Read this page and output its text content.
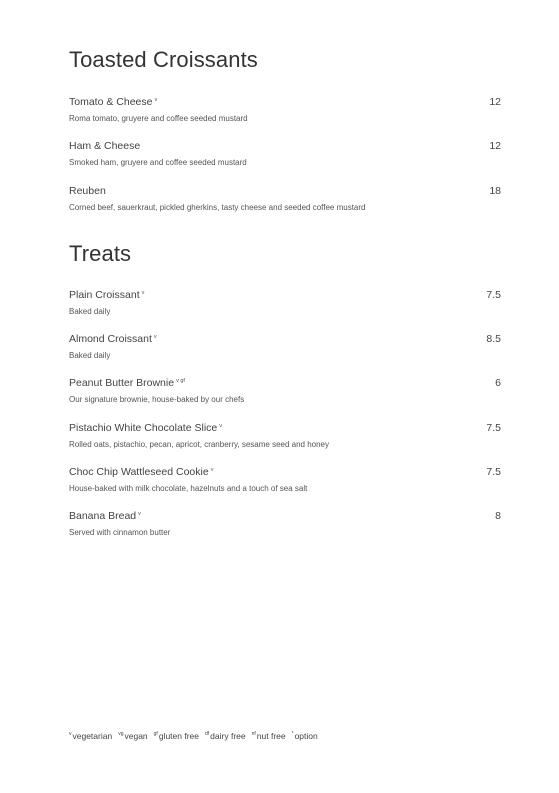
Toasted Croissants
Tomato & Cheese $^v$	12
Roma tomato, gruyere and coffee seeded mustard
Ham & Cheese	12
Smoked ham, gruyere and coffee seeded mustard
Reuben	18
Corned beef, sauerkraut, pickled gherkins, tasty cheese and seeded coffee mustard
Treats
Plain Croissant $^v$	7.5
Baked daily
Almond Croissant $^v$	8.5
Baked daily
Peanut Butter Brownie $^{v gf}$	6
Our signature brownie, house-baked by our chefs
Pistachio White Chocolate Slice $^v$	7.5
Rolled oats, pistachio, pecan, apricot, cranberry, sesame seed and honey
Choc Chip Wattleseed Cookie $^v$	7.5
House-baked with milk chocolate, hazelnuts and a touch of sea salt
Banana Bread $^v$	8
Served with cinnamon butter
$^v$vegetarian $^{vg}$vegan $^{gf}$gluten free $^{df}$dairy free $^{nf}$nut free *option
